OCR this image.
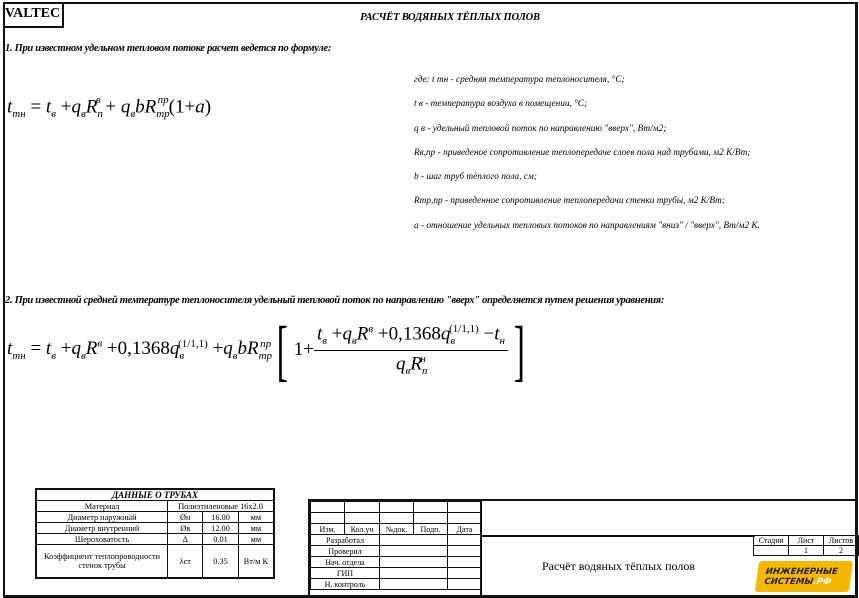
VALTEC	РАСЧЁТ ВОДЯНЫХ ТЁПЛЫХ ПОЛОВ
1. При известном удельном тепловом потоке расчет ведется по формуле:
$t_{тн} = t_в +q_вR_п^в + q_вbR_{тр}^{пр}(1+a)$
где: t тн - средняя температура теплоносителя, °С;
t в - температура воздуха в помещении, °С;
q в - удельный тепловой поток по направлению "вверх", Вт/м2;
Rв,пр - приведеное сопротивление теплопередаче слоев пола над трубами, м2 К/Вт;
b - шаг труб тёплого пола, см;
Rтр,пр - приведенное сопротивление теплопередачи стенки трубы, м2 К/Вт;
а - отношение удельных тепловых потоков по направлениям "вниз" / "вверх", Вт/м2 К.
2. При известной средней температуре теплоносителя удельный тепловой поток по направлению "вверх" определяется путем решения уравнения:
$t_{тн} = t_в +q_вR^в +0,1368q_в^{(1/1,1)} +q_вbR_{тр}^{пр}$[ $1+ \frac{t_в +q_вR^в +0,1368q_в^{(1/1,1)} -t_н}{q_вR_п^н}$ ]
ДАННЫЕ О ТРУБАХ			
Материал	Полиэтиленовые 16х2.0		
Диаметр наружный	Øн	16.00	мм
Диаметр внутренний	Øв	12.00	мм
Шероховатость	Δ	0.01	мм
Коэффициент теплопроводности стенок трубы	λст	0.35	Вт/м К

Изм.	Кол.уч	№док.	Подп.	Дата
Разработал				
Проверил				
Нач. отдела				
ГИП				
Н. контроль				
Расчёт водяных тёплых полов
Стадия	Лист	Листов
	1	2
ИНЖЕНЕРНЫЕ
СИСТЕМЫ.РФ
